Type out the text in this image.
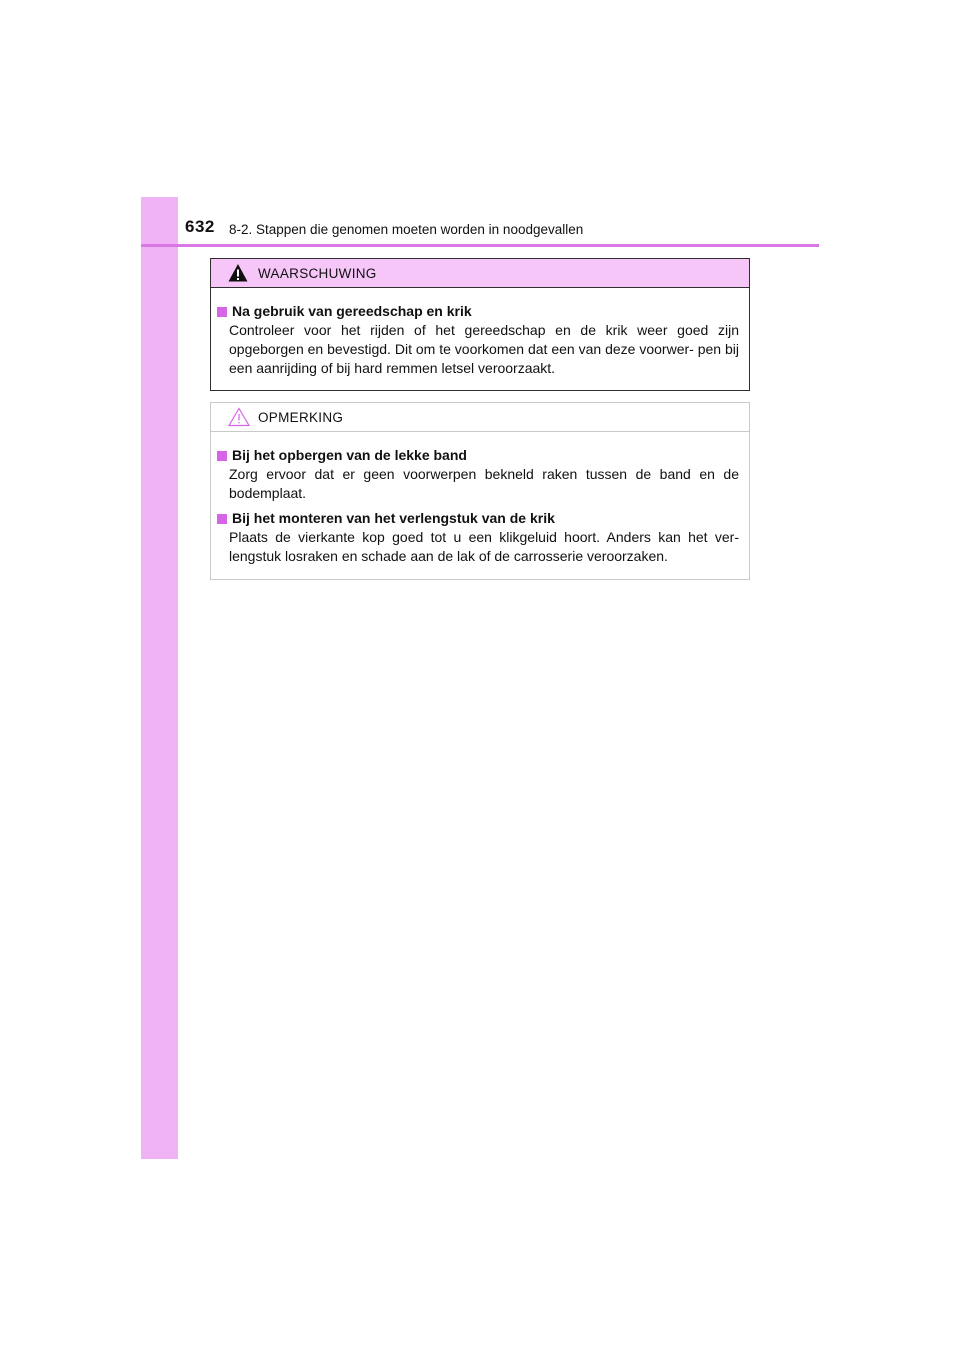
632 8-2. Stappen die genomen moeten worden in noodgevallen
WAARSCHUWING
Na gebruik van gereedschap en krik
Controleer voor het rijden of het gereedschap en de krik weer goed zijn opgeborgen en bevestigd. Dit om te voorkomen dat een van deze voorwer- pen bij een aanrijding of bij hard remmen letsel veroorzaakt.
OPMERKING
Bij het opbergen van de lekke band
Zorg ervoor dat er geen voorwerpen bekneld raken tussen de band en de bodemplaat.
Bij het monteren van het verlengstuk van de krik
Plaats de vierkante kop goed tot u een klikgeluid hoort. Anders kan het ver- lengstuk losraken en schade aan de lak of de carrosserie veroorzaken.
